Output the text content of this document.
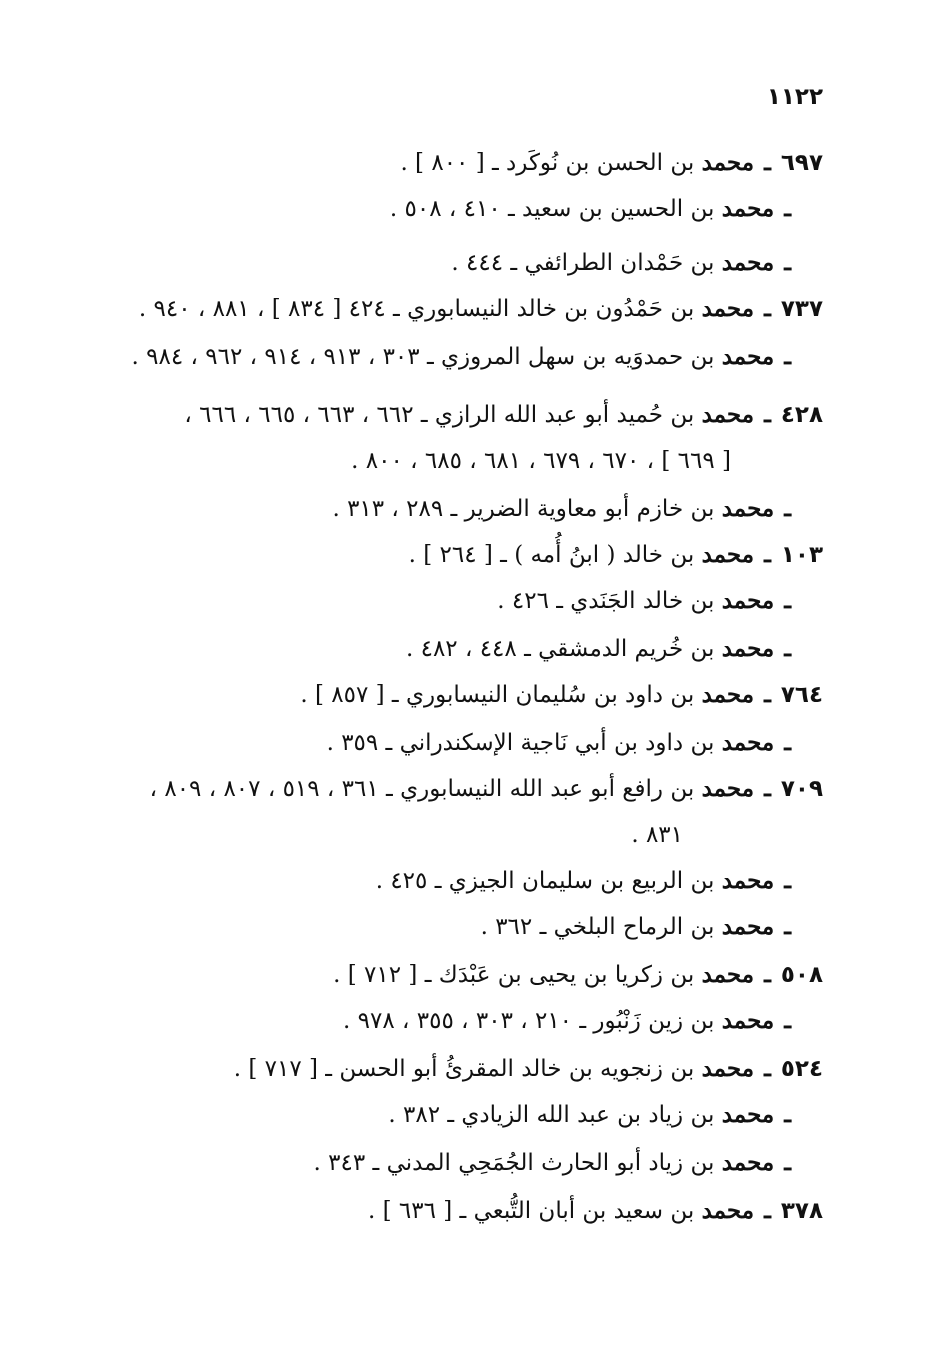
١١٢٢
٦٩٧ ـ محمد بن الحسن بن نُوكَرد ـ [ ٨٠٠ ] .
ـ محمد بن الحسين بن سعيد ـ ٤١٠ ، ٥٠٨ .
ـ محمد بن حَمْدان الطرائفي ـ ٤٤٤ .
٧٣٧ ـ محمد بن حَمْدُون بن خالد النيسابوري ـ ٤٢٤ [ ٨٣٤ ] ، ٨٨١ ، ٩٤٠ .
ـ محمد بن حمدوَيه بن سهل المروزي ـ ٣٠٣ ، ٩١٣ ، ٩١٤ ، ٩٦٢ ، ٩٨٤ .
٤٢٨ ـ محمد بن حُميد أبو عبد الله الرازي ـ ٦٦٢ ، ٦٦٣ ، ٦٦٥ ، ٦٦٦ ،
[ ٦٦٩ ] ، ٦٧٠ ، ٦٧٩ ، ٦٨١ ، ٦٨٥ ، ٨٠٠ .
ـ محمد بن خازم أبو معاوية الضرير ـ ٢٨٩ ، ٣١٣ .
١٠٣ ـ محمد بن خالد ( ابنُ أُمه ) ـ [ ٢٦٤ ] .
ـ محمد بن خالد الجَنَدي ـ ٤٢٦ .
ـ محمد بن خُريم الدمشقي ـ ٤٤٨ ، ٤٨٢ .
٧٦٤ ـ محمد بن داود بن سُليمان النيسابوري ـ [ ٨٥٧ ] .
ـ محمد بن داود بن أبي نَاجية الإسكندراني ـ ٣٥٩ .
٧٠٩ ـ محمد بن رافع أبو عبد الله النيسابوري ـ ٣٦١ ، ٥١٩ ، ٨٠٧ ، ٨٠٩ ،
٨٣١ .
ـ محمد بن الربيع بن سليمان الجيزي ـ ٤٢٥ .
ـ محمد بن الرماح البلخي ـ ٣٦٢ .
٥٠٨ ـ محمد بن زكريا بن يحيى بن عَبْدَك ـ [ ٧١٢ ] .
ـ محمد بن زين زَنْبُور ـ ٢١٠ ، ٣٠٣ ، ٣٥٥ ، ٩٧٨ .
٥٢٤ ـ محمد بن زنجويه بن خالد المقرئُ أبو الحسن ـ [ ٧١٧ ] .
ـ محمد بن زياد بن عبد الله الزيادي ـ ٣٨٢ .
ـ محمد بن زياد أبو الحارث الجُمَحِي المدني ـ ٣٤٣ .
٣٧٨ ـ محمد بن سعيد بن أبان التُّبعي ـ [ ٦٣٦ ] .
